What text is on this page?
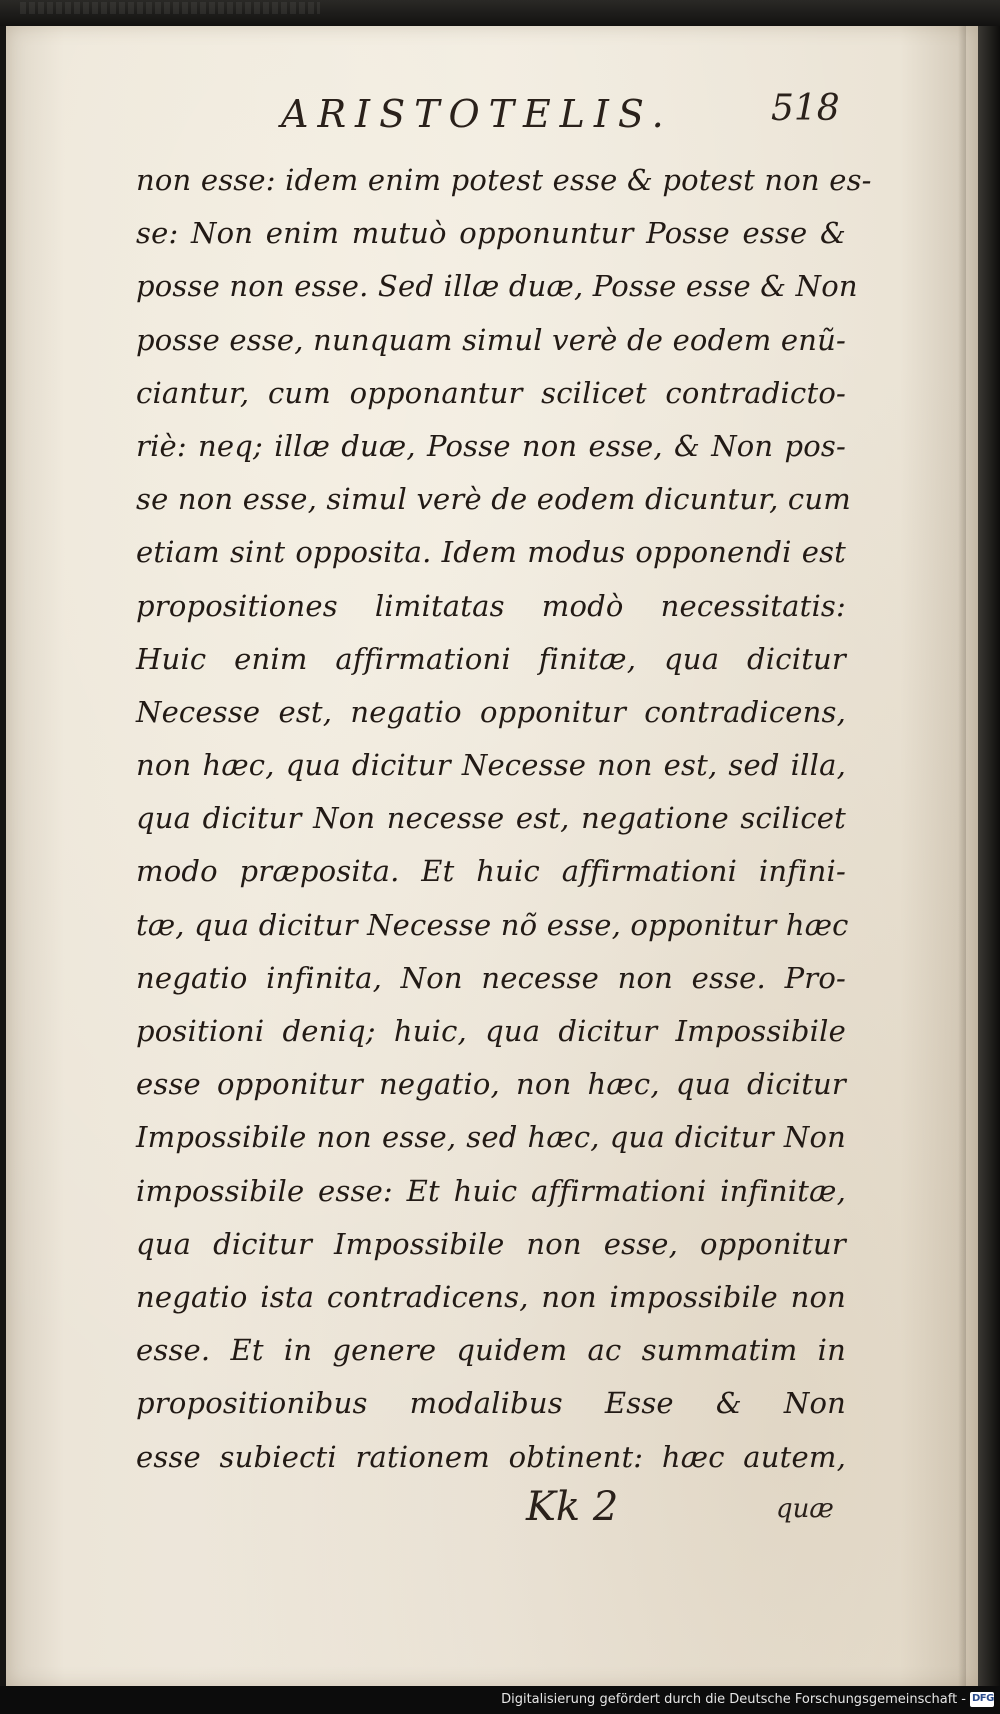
ARISTOTELIS.	518
non esse: idem enim potest esse & potest non es-
se: Non enim mutuò opponuntur Posse esse &
posse non esse. Sed illæ duæ, Posse esse & Non
posse esse, nunquam simul verè de eodem enũ-
ciantur, cum opponantur scilicet contradicto-
riè: neq; illæ duæ, Posse non esse, & Non pos-
se non esse, simul verè de eodem dicuntur, cum
etiam sint opposita. Idem modus opponendi est
propositiones limitatas modò necessitatis:
Huic enim affirmationi finitæ, qua dicitur
Necesse est, negatio opponitur contradicens,
non hæc, qua dicitur Necesse non est, sed illa,
qua dicitur Non necesse est, negatione scilicet
modo præposita. Et huic affirmationi infini-
tæ, qua dicitur Necesse nõ esse, opponitur hæc
negatio infinita, Non necesse non esse. Pro-
positioni deniq; huic, qua dicitur Impossibile
esse opponitur negatio, non hæc, qua dicitur
Impossibile non esse, sed hæc, qua dicitur Non
impossibile esse: Et huic affirmationi infinitæ,
qua dicitur Impossibile non esse, opponitur
negatio ista contradicens, non impossibile non
esse. Et in genere quidem ac summatim in
propositionibus modalibus Esse & Non
esse subiecti rationem obtinent: hæc autem,
Kk 2	quæ
Digitalisierung gefördert durch die Deutsche Forschungsgemeinschaft - DFG
